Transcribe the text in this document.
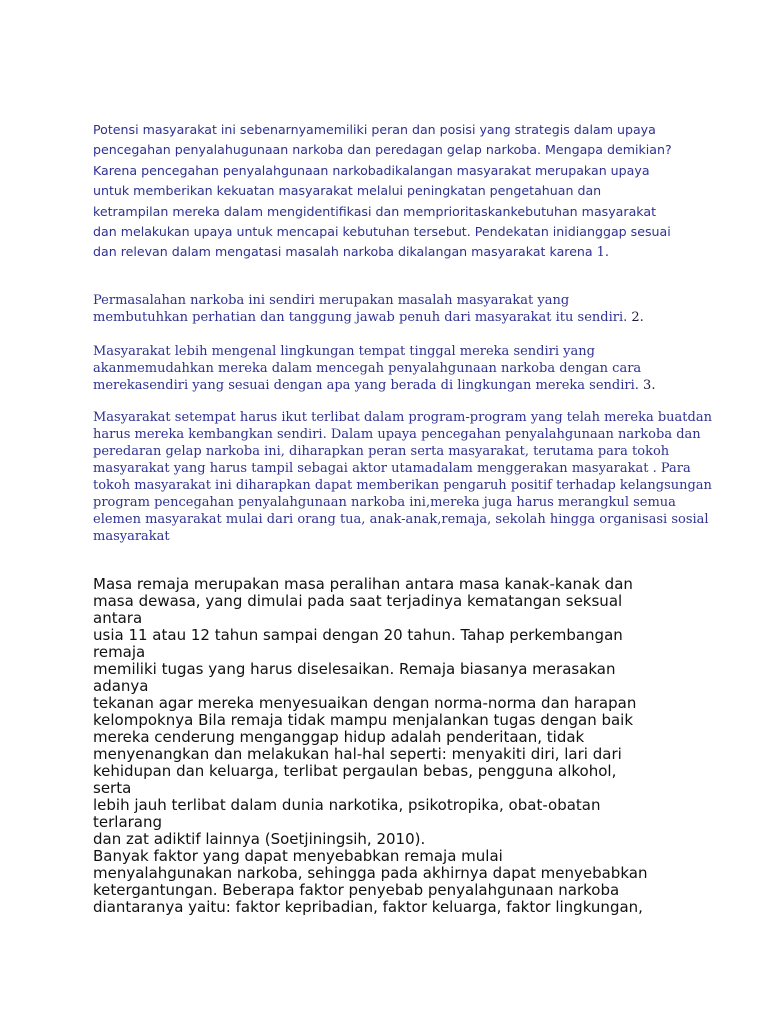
Potensi masyarakat ini sebenarnyamemiliki peran dan posisi yang strategis dalam upaya
pencegahan penyalahugunaan narkoba dan peredagan gelap narkoba. Mengapa demikian?
Karena pencegahan penyalahgunaan narkobadikalangan masyarakat merupakan upaya
untuk memberikan kekuatan masyarakat melalui peningkatan pengetahuan dan
ketrampilan mereka dalam mengidentifikasi dan memprioritaskankebutuhan masyarakat
dan melakukan upaya untuk mencapai kebutuhan tersebut. Pendekatan inidianggap sesuai
dan relevan dalam mengatasi masalah narkoba dikalangan masyarakat karena 1.

Permasalahan narkoba ini sendiri merupakan masalah masyarakat yang
membutuhkan perhatian dan tanggung jawab penuh dari masyarakat itu sendiri. 2.

Masyarakat lebih mengenal lingkungan tempat tinggal mereka sendiri yang
akanmemudahkan mereka dalam mencegah penyalahgunaan narkoba dengan cara
merekasendiri yang sesuai dengan apa yang berada di lingkungan mereka sendiri. 3.

Masyarakat setempat harus ikut terlibat dalam program-program yang telah mereka buatdan
harus mereka kembangkan sendiri. Dalam upaya pencegahan penyalahgunaan narkoba dan
peredaran gelap narkoba ini, diharapkan peran serta masyarakat, terutama para tokoh
masyarakat yang harus tampil sebagai aktor utamadalam menggerakan masyarakat . Para
tokoh masyarakat ini diharapkan dapat memberikan pengaruh positif terhadap kelangsungan
program pencegahan penyalahgunaan narkoba ini,mereka juga harus merangkul semua
elemen masyarakat mulai dari orang tua, anak-anak,remaja, sekolah hingga organisasi sosial
masyarakat

Masa remaja merupakan masa peralihan antara masa kanak-kanak dan
masa dewasa, yang dimulai pada saat terjadinya kematangan seksual
antara
usia 11 atau 12 tahun sampai dengan 20 tahun. Tahap perkembangan
remaja
memiliki tugas yang harus diselesaikan. Remaja biasanya merasakan
adanya
tekanan agar mereka menyesuaikan dengan norma-norma dan harapan
kelompoknya Bila remaja tidak mampu menjalankan tugas dengan baik
mereka cenderung menganggap hidup adalah penderitaan, tidak
menyenangkan dan melakukan hal-hal seperti: menyakiti diri, lari dari
kehidupan dan keluarga, terlibat pergaulan bebas, pengguna alkohol,
serta
lebih jauh terlibat dalam dunia narkotika, psikotropika, obat-obatan
terlarang
dan zat adiktif lainnya (Soetjiningsih, 2010).
Banyak faktor yang dapat menyebabkan remaja mulai
menyalahgunakan narkoba, sehingga pada akhirnya dapat menyebabkan
ketergantungan. Beberapa faktor penyebab penyalahgunaan narkoba
diantaranya yaitu: faktor kepribadian, faktor keluarga, faktor lingkungan,
